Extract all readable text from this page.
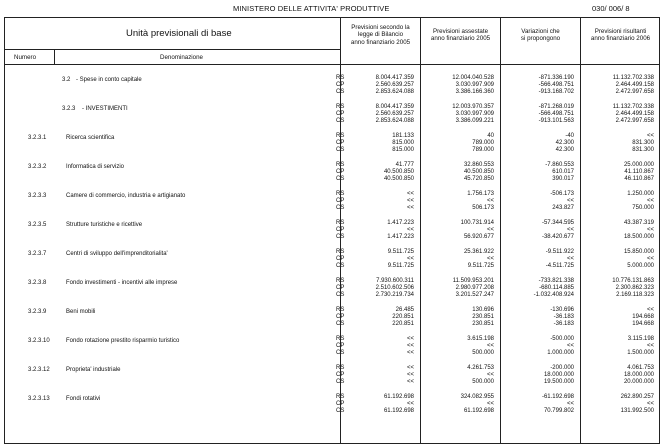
MINISTERO DELLE ATTIVITA' PRODUTTIVE	030/ 006/ 8
Unità previsionali di base
Numero	Denominazione
Previsioni secondo la
legge di Bilancio
anno finanziario 2005
Previsioni assestate
anno finanziario 2005
Variazioni che
si propongono
Previsioni risultanti
anno finanziario 2006
3.2 - Spese in conto capitale	RS	8.004.417.359	12.004.040.528	-871.336.190	11.132.702.338
CP	2.560.639.257	3.030.997.909	-566.498.751	2.464.499.158
CS	2.853.624.088	3.386.166.360	-913.168.702	2.472.997.658
3.2.3 - INVESTIMENTI	RS	8.004.417.359	12.003.970.357	-871.268.019	11.132.702.338
CP	2.560.639.257	3.030.997.909	-566.498.751	2.464.499.158
CS	2.853.624.088	3.386.099.221	-913.101.563	2.472.997.658
3.2.3.1	Ricerca scientifica	RS	181.133	40	-40	<<
CP	815.000	789.000	42.300	831.300
CS	815.000	789.000	42.300	831.300
3.2.3.2	Informatica di servizio	RS	41.777	32.860.553	-7.860.553	25.000.000
CP	40.500.850	40.500.850	610.017	41.110.867
CS	40.500.850	45.720.850	390.017	46.110.867
3.2.3.3	Camere di commercio, industria e artigianato	RS	<<	1.756.173	-506.173	1.250.000
CP	<<	<<	<<	<<
CS	<<	506.173	243.827	750.000
3.2.3.5	Strutture turistiche e ricettive	RS	1.417.223	100.731.914	-57.344.595	43.387.319
CP	<<	<<	<<	<<
CS	1.417.223	56.920.677	-38.420.677	18.500.000
3.2.3.7	Centri di sviluppo dell'imprenditorialita'	RS	9.511.725	25.361.922	-9.511.922	15.850.000
CP	<<	<<	<<	<<
CS	9.511.725	9.511.725	-4.511.725	5.000.000
3.2.3.8	Fondo investimenti - incentivi alle imprese	RS	7.930.600.311	11.509.953.201	-733.821.338	10.776.131.863
CP	2.510.602.506	2.980.977.208	-680.114.885	2.300.862.323
CS	2.730.219.734	3.201.527.247	-1.032.408.924	2.169.118.323
3.2.3.9	Beni mobili	RS	26.485	130.696	-130.696	<<
CP	220.851	230.851	-36.183	194.668
CS	220.851	230.851	-36.183	194.668
3.2.3.10	Fondo rotazione prestito risparmio turistico	RS	<<	3.615.198	-500.000	3.115.198
CP	<<	<<	<<	<<
CS	<<	500.000	1.000.000	1.500.000
3.2.3.12	Proprieta' industriale	RS	<<	4.261.753	-200.000	4.061.753
CP	<<	<<	18.000.000	18.000.000
CS	<<	500.000	19.500.000	20.000.000
3.2.3.13	Fondi rotativi	RS	61.192.698	324.082.955	-61.192.698	262.890.257
CP	<<	<<	<<	<<
CS	61.192.698	61.192.698	70.799.802	131.992.500
